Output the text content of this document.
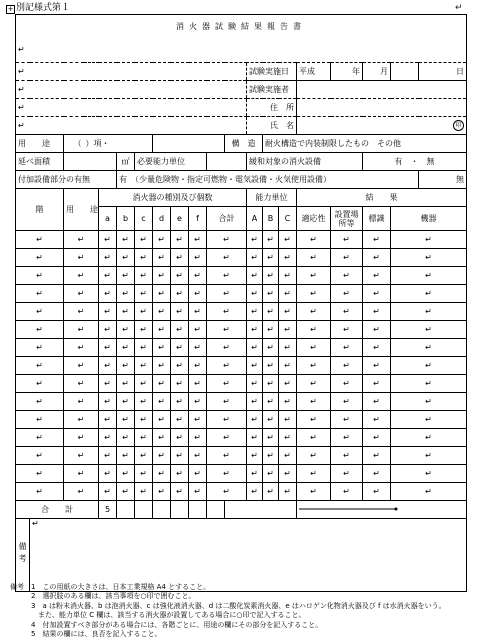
+ 別記様式第１	↵
消火器試験結果報告書																			
↵																			
↵												試験実施日			平成	年	月		日
↵												試験実施者							
↵												住　所							
↵												氏　名			印				
用　　途		（	）項・								構　造		耐火構造で内装制限したもの　その他						
延べ面積					㎡	必要能力単位						緩和対象の消火設備					有　・　無		
付加設備部分の有無					有　（少量危険物・指定可燃物・電気設備・火気使用設備）														無
階		用　　途		消火器の種別及び個数								能力単位			結　　果				
				a	b	c	d	e	f	合計		A	B	C	適応性	設置場所等	標識	機器	
↵		↵		↵	↵	↵	↵	↵	↵	↵		↵	↵	↵	↵	↵	↵	↵	
↵		↵		↵	↵	↵	↵	↵	↵	↵		↵	↵	↵	↵	↵	↵	↵	
↵		↵		↵	↵	↵	↵	↵	↵	↵		↵	↵	↵	↵	↵	↵	↵	
↵		↵		↵	↵	↵	↵	↵	↵	↵		↵	↵	↵	↵	↵	↵	↵	
↵		↵		↵	↵	↵	↵	↵	↵	↵		↵	↵	↵	↵	↵	↵	↵	
↵		↵		↵	↵	↵	↵	↵	↵	↵		↵	↵	↵	↵	↵	↵	↵	
↵		↵		↵	↵	↵	↵	↵	↵	↵		↵	↵	↵	↵	↵	↵	↵	
↵		↵		↵	↵	↵	↵	↵	↵	↵		↵	↵	↵	↵	↵	↵	↵	
↵		↵		↵	↵	↵	↵	↵	↵	↵		↵	↵	↵	↵	↵	↵	↵	
↵		↵		↵	↵	↵	↵	↵	↵	↵		↵	↵	↵	↵	↵	↵	↵	
↵		↵		↵	↵	↵	↵	↵	↵	↵		↵	↵	↵	↵	↵	↵	↵	
↵		↵		↵	↵	↵	↵	↵	↵	↵		↵	↵	↵	↵	↵	↵	↵	
↵		↵		↵	↵	↵	↵	↵	↵	↵		↵	↵	↵	↵	↵	↵	↵	
↵		↵		↵	↵	↵	↵	↵	↵	↵		↵	↵	↵	↵	↵	↵	↵	
↵		↵		↵	↵	↵	↵	↵	↵	↵		↵	↵	↵	↵	↵	↵	↵	
合　　計				5								
備考	↵																		
備考　1　この用紙の大きさは、日本工業規格 A4 とすること。
　　　2　選択肢のある欄は、該当事項を○印で囲むこと。
　　　3　a は粉末消火器、b は泡消火器、c は強化液消火器、d は二酸化炭素消火器、e はハロゲン化物消火器及び f は水消火器をいう。
　　　　また、能力単位 C 欄は、該当する消火器が設置してある場合に○印で記入すること。
　　　4　付加設置すべき部分がある場合には、各階ごとに、用途の欄にその部分を記入すること。
　　　5　結果の欄には、良否を記入すること。
